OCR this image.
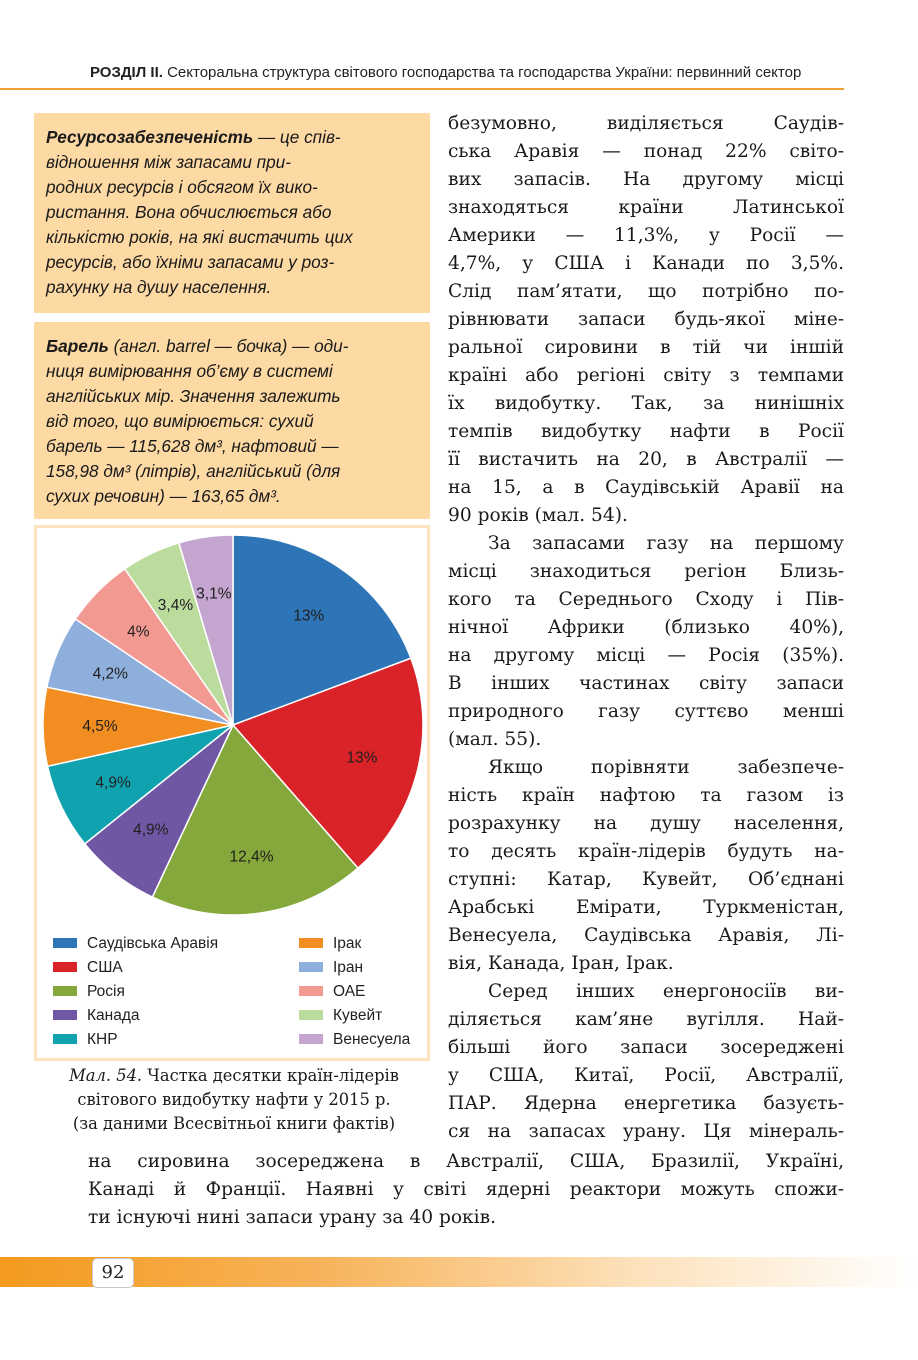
РОЗДІЛ ІІ. Секторальна структура світового господарства та господарства України: первинний сектор
Ресурсозабезпеченість — це спів-
відношення між запасами при-
родних ресурсів і обсягом їх вико-
ристання. Вона обчислюється або
кількістю років, на які вистачить цих
ресурсів, або їхніми запасами у роз-
рахунку на душу населення.
Барель (англ. barrel — бочка) — оди-
ниця вимірювання об’єму в системі
англійських мір. Значення залежить
від того, що вимірюється: сухий
барель — 115,628 дм³, нафтовий —
158,98 дм³ (літрів), англійський (для
сухих речовин) — 163,65 дм³.
13%
13%
12,4%
4,9%
4,9%
4,5%
4,2%
4%
3,4%
3,1%
Саудівська Аравія
США
Росія
Канада
КНР
Ірак
Іран
ОАЕ
Кувейт
Венесуела
Мал. 54. Частка десятки країн-лідерів
світового видобутку нафти у 2015 р.
(за даними Всесвітньої книги фактів)
безумовно, виділяється Саудів-
ська Аравія — понад 22% світо-
вих запасів. На другому місці
знаходяться країни Латинської
Америки — 11,3%, у Росії —
4,7%, у США і Канади по 3,5%.
Слід пам’ятати, що потрібно по-
рівнювати запаси будь-якої міне-
ральної сировини в тій чи іншій
країні або регіоні світу з темпами
їх видобутку. Так, за нинішніх
темпів видобутку нафти в Росії
її вистачить на 20, в Австралії —
на 15, а в Саудівській Аравії на
90 років (мал. 54).
За запасами газу на першому
місці знаходиться регіон Близь-
кого та Середнього Сходу і Пів-
нічної Африки (близько 40%),
на другому місці — Росія (35%).
В інших частинах світу запаси
природного газу суттєво менші
(мал. 55).
Якщо порівняти забезпече-
ність країн нафтою та газом із
розрахунку на душу населення,
то десять країн-лідерів будуть на-
ступні: Катар, Кувейт, Об’єднані
Арабські Емірати, Туркменістан,
Венесуела, Саудівська Аравія, Лі-
вія, Канада, Іран, Ірак.
Серед інших енергоносіїв ви-
діляється кам’яне вугілля. Най-
більші його запаси зосереджені
у США, Китаї, Росії, Австралії,
ПАР. Ядерна енергетика базуєть-
ся на запасах урану. Ця мінераль-
на сировина зосереджена в Австралії, США, Бразилії, Україні,
Канаді й Франції. Наявні у світі ядерні реактори можуть спожи-
ти існуючі нині запаси урану за 40 років.
92
